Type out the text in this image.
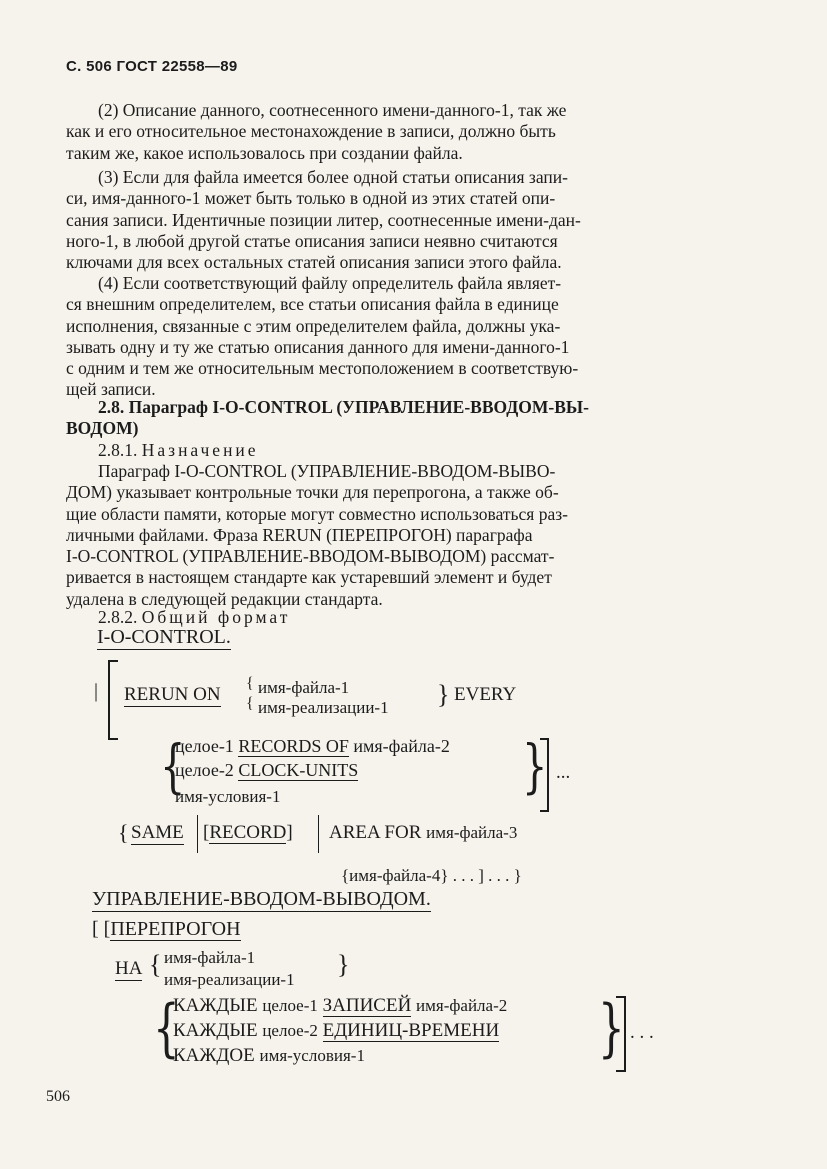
С. 506 ГОСТ 22558—89
(2) Описание данного, соотнесенного имени-данного-1, так же
как и его относительное местонахождение в записи, должно быть
таким же, какое использовалось при создании файла.
(3) Если для файла имеется более одной статьи описания запи-
си, имя-данного-1 может быть только в одной из этих статей опи-
сания записи. Идентичные позиции литер, соотнесенные имени-дан-
ного-1, в любой другой статье описания записи неявно считаются
ключами для всех остальных статей описания записи этого файла.
(4) Если соответствующий файлу определитель файла являет-
ся внешним определителем, все статьи описания файла в единице
исполнения, связанные с этим определителем файла, должны ука-
зывать одну и ту же статью описания данного для имени-данного-1
с одним и тем же относительным местоположением в соответствую-
щей записи.
2.8. Параграф I-O-CONTROL (УПРАВЛЕНИЕ-ВВОДОМ-ВЫ-
ВОДОМ)
2.8.1. Назначение
Параграф I-O-CONTROL (УПРАВЛЕНИЕ-ВВОДОМ-ВЫВО-
ДОМ) указывает контрольные точки для перепрогона, а также об-
щие области памяти, которые могут совместно использоваться раз-
личными файлами. Фраза RERUN (ПЕРЕПРОГОН) параграфа
I-O-CONTROL (УПРАВЛЕНИЕ-ВВОДОМ-ВЫВОДОМ) рассмат-
ривается в настоящем стандарте как устаревший элемент и будет
удалена в следующей редакции стандарта.
2.8.2. Общий формат
I-O-CONTROL.
| RERUN ON
{
{
имя-файла-1
имя-реализации-1 } EVERY
{
целое-1 RECORDS OF имя-файла-2
целое-2 CLOCK-UNITS
имя-условия-1	} ...
{ SAME [RECORD] AREA FOR имя-файла-3
{имя-файла-4} . . . ] . . . }
УПРАВЛЕНИЕ-ВВОДОМ-ВЫВОДОМ.
[ [ПЕРЕПРОГОН
НА { имя-файла-1
имя-реализации-1
}
{
КАЖДЫЕ целое-1 ЗАПИСЕЙ имя-файла-2
КАЖДЫЕ целое-2 ЕДИНИЦ-ВРЕМЕНИ
КАЖДОЕ имя-условия-1	} . . .
506
